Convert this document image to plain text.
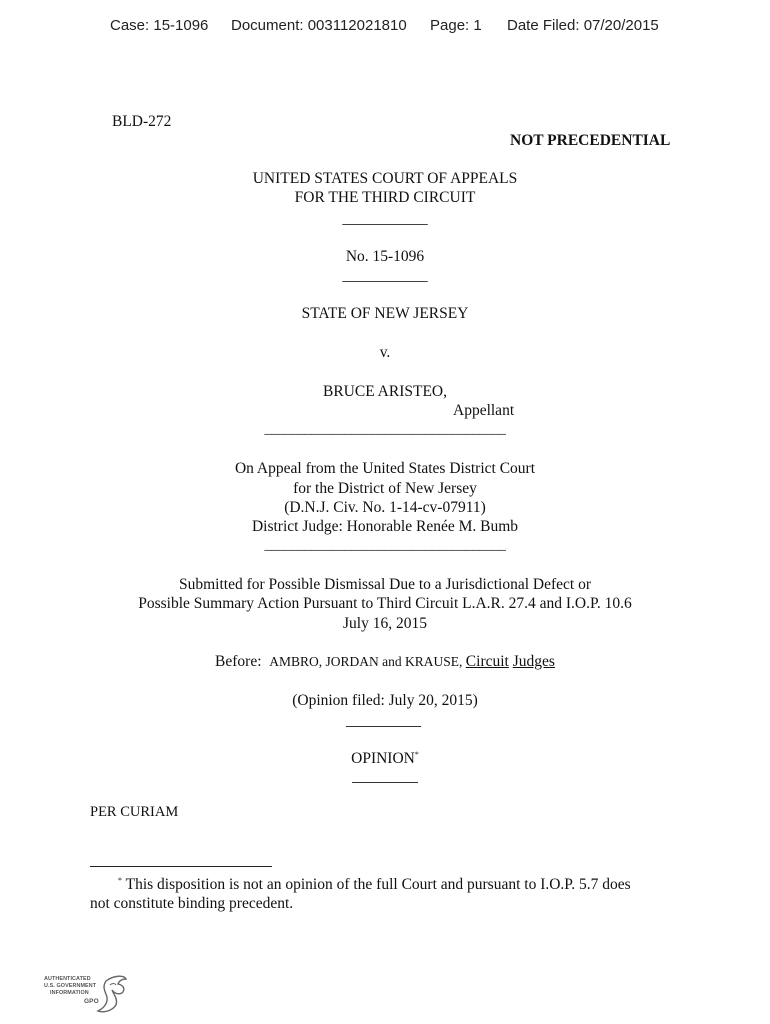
Case: 15-1096 Document: 003112021810 Page: 1 Date Filed: 07/20/2015
BLD-272
NOT PRECEDENTIAL
UNITED STATES COURT OF APPEALS
FOR THE THIRD CIRCUIT
___________
No. 15-1096
___________
STATE OF NEW JERSEY
v.
BRUCE ARISTEO,
Appellant
____________________________________
On Appeal from the United States District Court
for the District of New Jersey
(D.N.J. Civ. No. 1-14-cv-07911)
District Judge: Honorable Renée M. Bumb
____________________________________
Submitted for Possible Dismissal Due to a Jurisdictional Defect or
Possible Summary Action Pursuant to Third Circuit L.A.R. 27.4 and I.O.P. 10.6
July 16, 2015
Before:  AMBRO, JORDAN and KRAUSE, Circuit Judges
(Opinion filed: July 20, 2015)
OPINION*
PER CURIAM
* This disposition is not an opinion of the full Court and pursuant to I.O.P. 5.7 does
not constitute binding precedent.
AUTHENTICATED
U.S. GOVERNMENT
INFORMATION
GPO
